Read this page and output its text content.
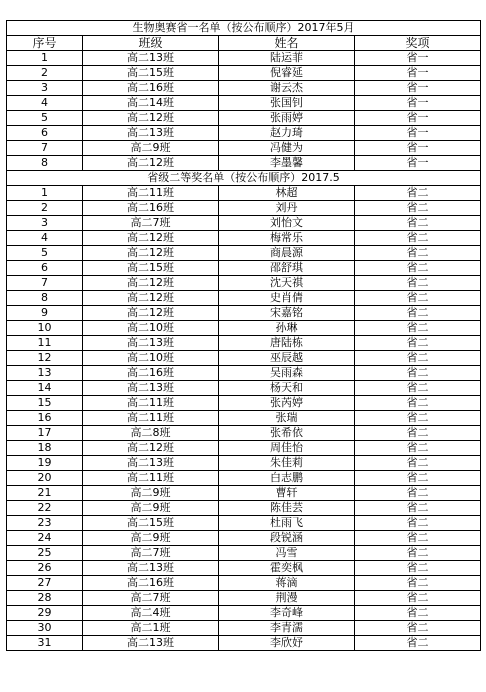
生物奥赛省一名单（按公布顺序）2017年5月			
序号	班级	姓名	奖项
1	高二13班	陆运菲	省一
2	高二15班	倪睿延	省一
3	高二16班	谢云杰	省一
4	高二14班	张国钊	省一
5	高二12班	张雨婷	省一
6	高二13班	赵力琦	省一
7	高二9班	冯健为	省一
8	高二12班	李墨馨	省一
省级二等奖名单（按公布顺序）2017.5			
1	高二11班	林超	省二
2	高二16班	刘丹	省二
3	高二7班	刘怡文	省二
4	高二12班	梅常乐	省二
5	高二12班	商晨源	省二
6	高二15班	邵舒琪	省二
7	高二12班	沈天祺	省二
8	高二12班	史肖倩	省二
9	高二12班	宋嘉铭	省二
10	高二10班	孙琳	省二
11	高二13班	唐陆栋	省二
12	高二10班	巫辰越	省二
13	高二16班	吴雨森	省二
14	高二13班	杨天和	省二
15	高二11班	张芮婷	省二
16	高二11班	张瑞	省二
17	高二8班	张希依	省二
18	高二12班	周佳怡	省二
19	高二13班	朱佳莉	省二
20	高二11班	白志鹏	省二
21	高二9班	曹轩	省二
22	高二9班	陈佳芸	省二
23	高二15班	杜雨飞	省二
24	高二9班	段锐涵	省二
25	高二7班	冯雪	省二
26	高二13班	霍奕枫	省二
27	高二16班	蒋滴	省二
28	高二7班	荆漫	省二
29	高二4班	李奇峰	省二
30	高二1班	李青濡	省二
31	高二13班	李欣妤	省二
